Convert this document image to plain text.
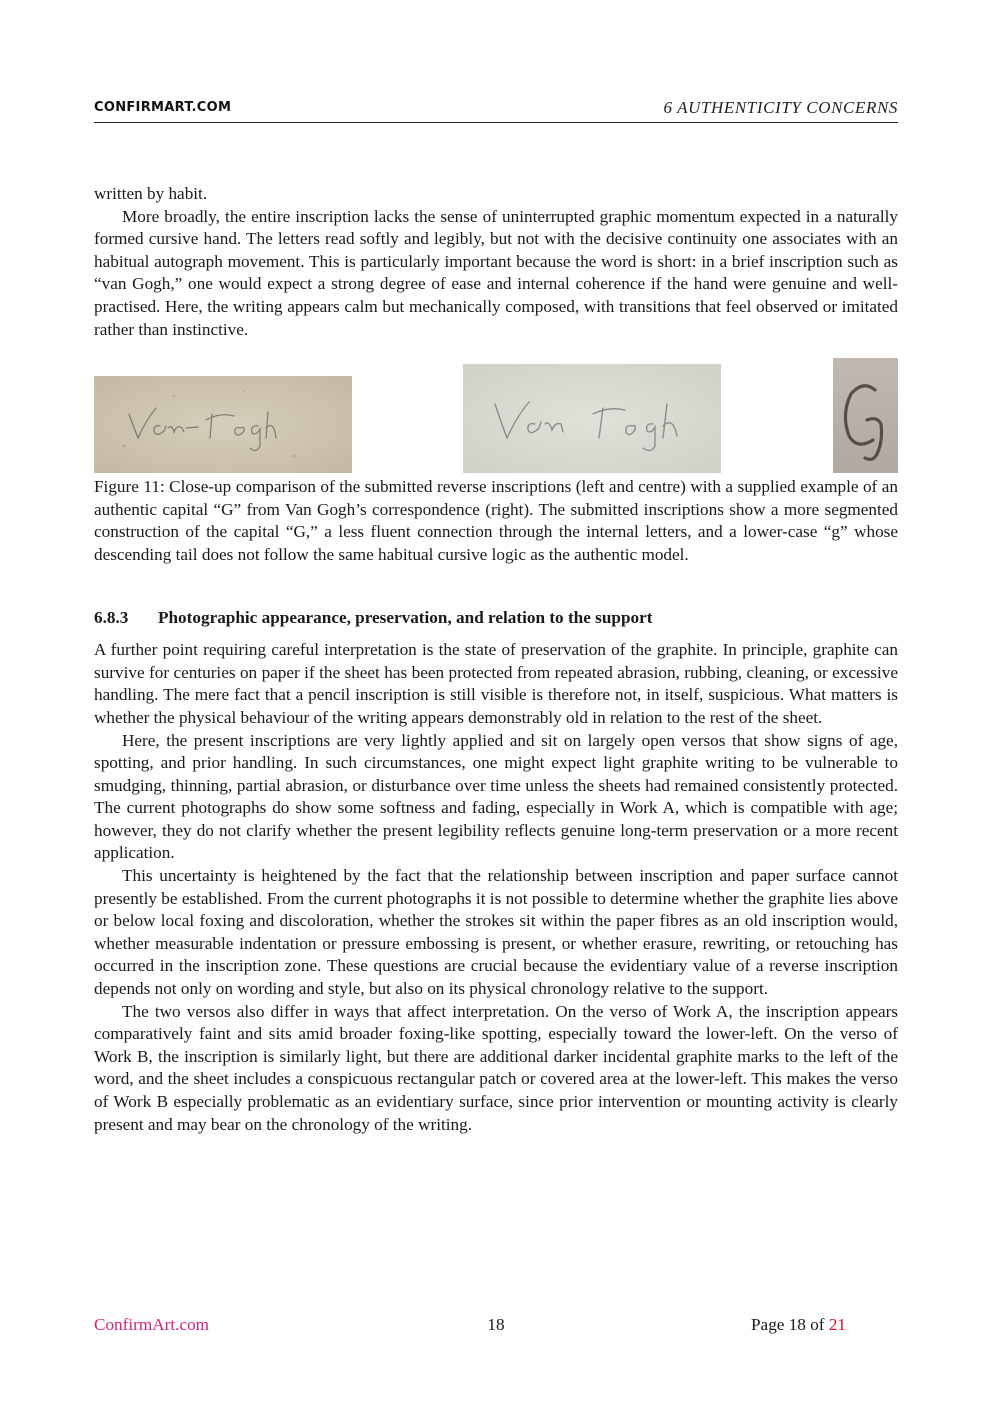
CONFIRMART.COM	6 AUTHENTICITY CONCERNS

written by habit.

More broadly, the entire inscription lacks the sense of uninterrupted graphic momentum expected in a naturally formed cursive hand. The letters read softly and legibly, but not with the decisive continuity one associates with an habitual autograph movement. This is particularly important because the word is short: in a brief inscription such as “van Gogh,” one would expect a strong degree of ease and internal coherence if the hand were genuine and well-practised. Here, the writing appears calm but mechanically composed, with transitions that feel observed or imitated rather than instinctive.

Figure 11: Close-up comparison of the submitted reverse inscriptions (left and centre) with a supplied example of an authentic capital “G” from Van Gogh’s correspondence (right). The submitted inscriptions show a more segmented construction of the capital “G,” a less fluent connection through the internal letters, and a lower-case “g” whose descending tail does not follow the same habitual cursive logic as the authentic model.

6.8.3 Photographic appearance, preservation, and relation to the support

A further point requiring careful interpretation is the state of preservation of the graphite. In principle, graphite can survive for centuries on paper if the sheet has been protected from repeated abrasion, rubbing, cleaning, or excessive handling. The mere fact that a pencil inscription is still visible is therefore not, in itself, suspicious. What matters is whether the physical behaviour of the writing appears demonstrably old in relation to the rest of the sheet.

Here, the present inscriptions are very lightly applied and sit on largely open versos that show signs of age, spotting, and prior handling. In such circumstances, one might expect light graphite writing to be vulnerable to smudging, thinning, partial abrasion, or disturbance over time unless the sheets had remained consistently protected. The current photographs do show some softness and fading, especially in Work A, which is compatible with age; however, they do not clarify whether the present legibility reflects genuine long-term preservation or a more recent application.

This uncertainty is heightened by the fact that the relationship between inscription and paper surface cannot presently be established. From the current photographs it is not possible to determine whether the graphite lies above or below local foxing and discoloration, whether the strokes sit within the paper fibres as an old inscription would, whether measurable indentation or pressure embossing is present, or whether erasure, rewriting, or retouching has occurred in the inscription zone. These questions are crucial because the evidentiary value of a reverse inscription depends not only on wording and style, but also on its physical chronology relative to the support.

The two versos also differ in ways that affect interpretation. On the verso of Work A, the inscription appears comparatively faint and sits amid broader foxing-like spotting, especially toward the lower-left. On the verso of Work B, the inscription is similarly light, but there are additional darker incidental graphite marks to the left of the word, and the sheet includes a conspicuous rectangular patch or covered area at the lower-left. This makes the verso of Work B especially problematic as an evidentiary surface, since prior intervention or mounting activity is clearly present and may bear on the chronology of the writing.

ConfirmArt.com	18	Page 18 of 21
